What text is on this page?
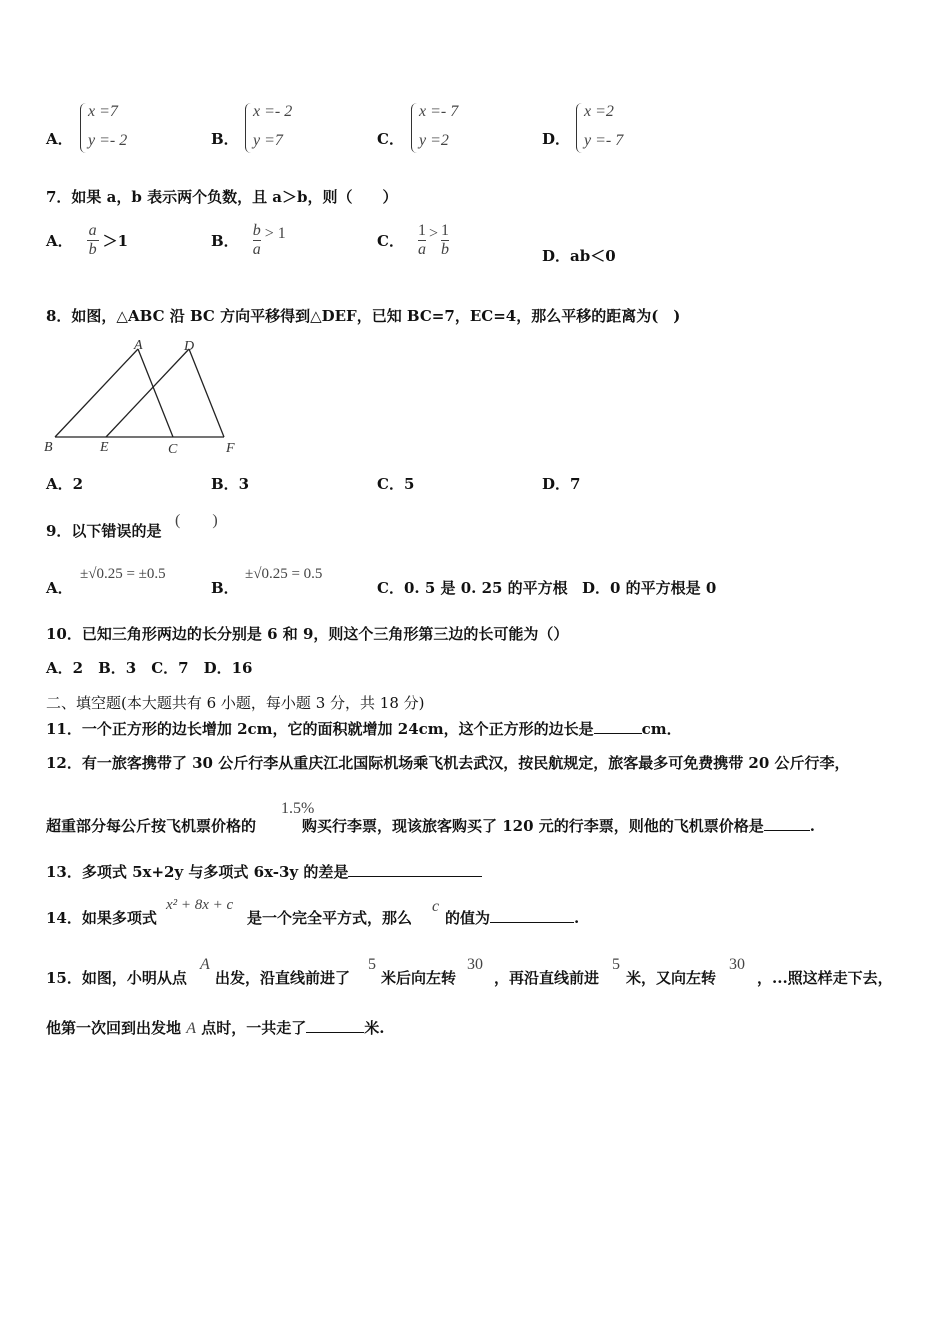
A．
x =7
y =- 2	B．
x =- 2
y =7	C．
x =- 7
y =2	D．
x =2
y =- 7
7．如果 a，b 表示两个负数，且 a＞b，则（　　）
A． $\frac{a}{b} >1$	B． $\frac{b}{a} > 1$	C． $\frac{1}{a} > \frac{1}{b}$	D．ab＜0
8．如图，△ABC 沿 BC 方向平移得到△DEF，已知 BC=7，EC=4，那么平移的距离为(　)
A	D
B	E	C	F
A．2	B．3	C．5	D．7
9．以下错误的是
(　　)
A．
±√0.25 = ±0.5
B．
±√0.25 = 0.5
C．0. 5 是 0. 25 的平方根 D．0 的平方根是 0
10．已知三角形两边的长分别是 6 和 9，则这个三角形第三边的长可能为（）
A．2　B．3　C．7　D．16
二、填空题(本大题共有 6 小题，每小题 3 分，共 18 分)
11．一个正方形的边长增加 2cm，它的面积就增加 24cm，这个正方形的边长是	cm．
12．有一旅客携带了 30 公斤行李从重庆江北国际机场乘飞机去武汉，按民航规定，旅客最多可免费携带 20 公斤行李，
1.5%
超重部分每公斤按飞机票价格的	购买行李票，现该旅客购买了 120 元的行李票，则他的飞机票价格是	.
13．多项式 5x+2y 与多项式 6x-3y 的差是
14．如果多项式
x² + 8x + c
是一个完全平方式，那么
c
的值为	.
15．如图，小明从点
A
出发，沿直线前进了
5
米后向左转
30
，再沿直线前进
5
米，又向左转
30
，...照这样走下去，
他第一次回到出发地 A 点时，一共走了	米.
